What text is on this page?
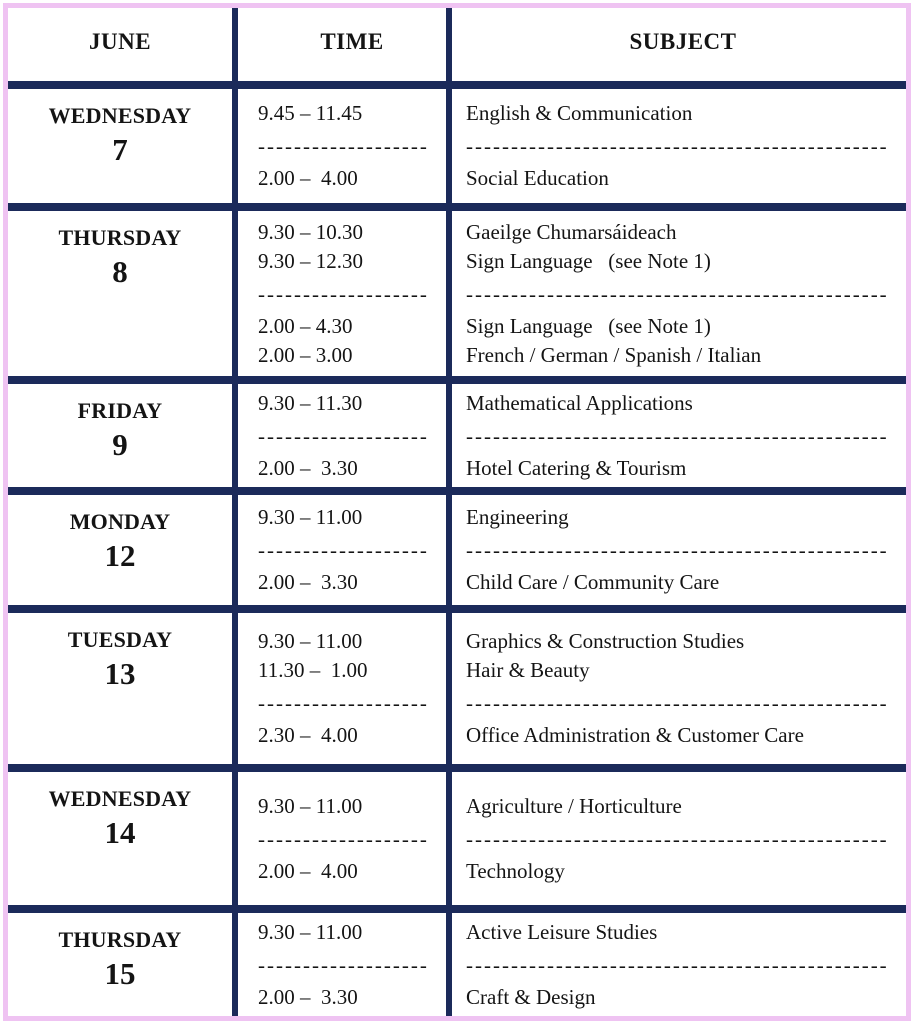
JUNE	TIME	SUBJECT
WEDNESDAY
7
9.45 – 11.45
-------------------
2.00 –  4.00
English & Communication
-----------------------------------------------
Social Education
THURSDAY
8
9.30 – 10.30
9.30 – 12.30
-------------------
2.00 – 4.30
2.00 – 3.00
Gaeilge Chumarsáideach
Sign Language   (see Note 1)
-----------------------------------------------
Sign Language   (see Note 1)
French / German / Spanish / Italian
FRIDAY
9
9.30 – 11.30
-------------------
2.00 –  3.30
Mathematical Applications
-----------------------------------------------
Hotel Catering & Tourism
MONDAY
12
9.30 – 11.00
-------------------
2.00 –  3.30
Engineering
-----------------------------------------------
Child Care / Community Care
TUESDAY
13
9.30 – 11.00
11.30 –  1.00
-------------------
2.30 –  4.00
Graphics & Construction Studies
Hair & Beauty
-----------------------------------------------
Office Administration & Customer Care
WEDNESDAY
14
9.30 – 11.00
-------------------
2.00 –  4.00
Agriculture / Horticulture
-----------------------------------------------
Technology
THURSDAY
15
9.30 – 11.00
-------------------
2.00 –  3.30
Active Leisure Studies
-----------------------------------------------
Craft & Design
